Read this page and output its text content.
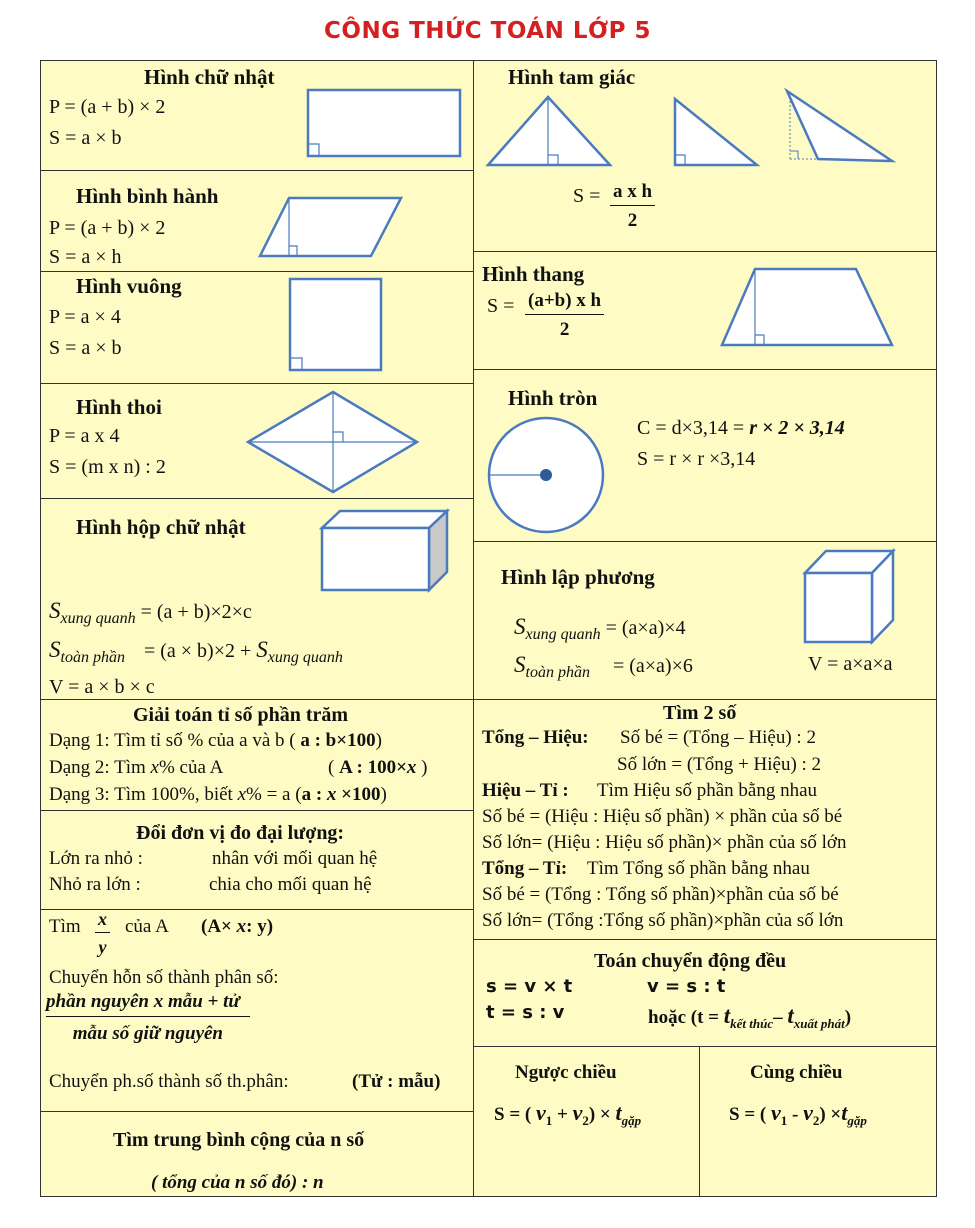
CÔNG THỨC TOÁN LỚP 5
Hình chữ nhật
P = (a + b) × 2
S = a × b
Hình bình hành
P = (a + b) × 2
S = a × h
Hình vuông
P = a × 4
S = a × b
Hình thoi
P = a x 4
S = (m x n) : 2
Hình hộp chữ nhật
$S_{xung quanh} = (a + b)\times 2\times c$
$S_{toàn phần} = (a \times b)\times 2 + S_{xung quanh}$
V = a × b × c
Giải toán tỉ số phần trăm
Dạng 1: Tìm tỉ số % của a và b ( a : b×100)
Dạng 2: Tìm x% của A	( A : 100×x )
Dạng 3: Tìm 100%, biết x% = a (a : x ×100)
Đổi đơn vị đo đại lượng:
Lớn ra nhỏ :	nhân với mối quan hệ
Nhỏ ra lớn :	chia cho mối quan hệ
Tìm $\frac{x}{y}$ của A (A× x: y)
Chuyển hỗn số thành phân số:
phần nguyên x mẫu + tử
mẫu số giữ nguyên
Chuyển ph.số thành số th.phân:	(Tử : mẫu)
Tìm trung bình cộng của n số
( tổng của n số đó) : n
Hình tam giác
$S = \frac{\text{a x h}}{2}$
Hình thang
$S = \frac{\text{(a+b) x h}}{2}$
Hình tròn
C = d×3,14 = r × 2 × 3,14
S = r × r ×3,14
Hình lập phương
$S_{xung quanh} = (a\times a)\times 4$
$S_{toàn phần} = (a\times a)\times 6$	V = a×a×a
Tìm 2 số
Tổng – Hiệu: Số bé = (Tổng – Hiệu) : 2
Số lớn = (Tổng + Hiệu) : 2
Hiệu – Tỉ : Tìm Hiệu số phần bằng nhau
Số bé = (Hiệu : Hiệu số phần) × phần của số bé
Số lớn= (Hiệu : Hiệu số phần)× phần của số lớn
Tổng – Tỉ: Tìm Tổng số phần bằng nhau
Số bé = (Tổng : Tổng số phần)×phần của số bé
Số lớn= (Tổng :Tổng số phần)×phần của số lớn
Toán chuyển động đều
s = v × t	v = s : t
t = s : v	hoặc ($t = t_{kết thúc}-$ $t_{xuất phát}$)
Ngược chiều
S = ( $v_1 + v_2) \times t_{gặp}$
Cùng chiều
S = ( $v_1 - v_2) \times t_{gặp}$
